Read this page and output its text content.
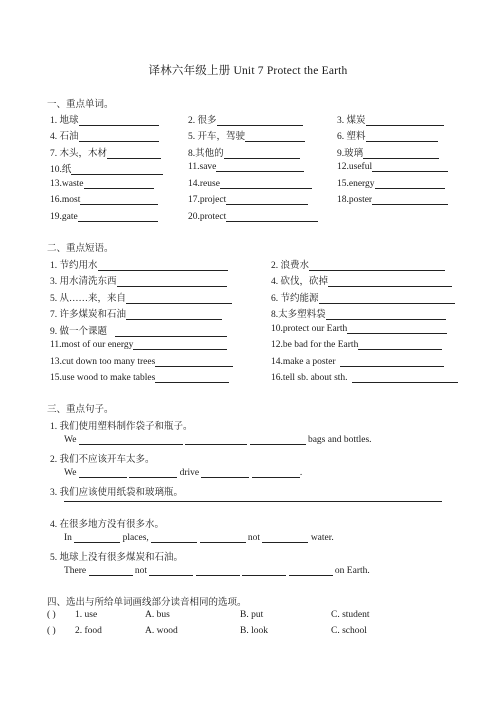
译林六年级上册 Unit 7 Protect the Earth
一、重点单词。
1. 地球	2. 很多	3. 煤炭
4. 石油	5. 开车，驾驶	6. 塑料
7. 木头，木材	8.其他的	9.玻璃
10.纸	11.save	12.useful
13.waste	14.reuse	15.energy
16.most	17.project	18.poster
19.gate	20.protect
二、重点短语。
1. 节约用水	2. 浪费水
3. 用水清洗东西	4. 砍伐，砍掉
5. 从……来，来自	6. 节约能源
7. 许多煤炭和石油	8.太多塑料袋
9. 做一个课题	10.protect our Earth
11.most of our energy	12.be bad for the Earth
13.cut down too many trees	14.make a poster
15.use wood to make tables	16.tell sb. about sth.
三、重点句子。
1. 我们使用塑料制作袋子和瓶子。
We	bags and bottles.
2. 我们不应该开车太多。
We	drive	.
3. 我们应该使用纸袋和玻璃瓶。
4. 在很多地方没有很多水。
In	places,	not	water.
5. 地球上没有很多煤炭和石油。
There	not	on Earth.
四、选出与所给单词画线部分读音相同的选项。
( ) 1. use	A. bus	B. put	C. student
( ) 2. food	A. wood	B. look	C. school
